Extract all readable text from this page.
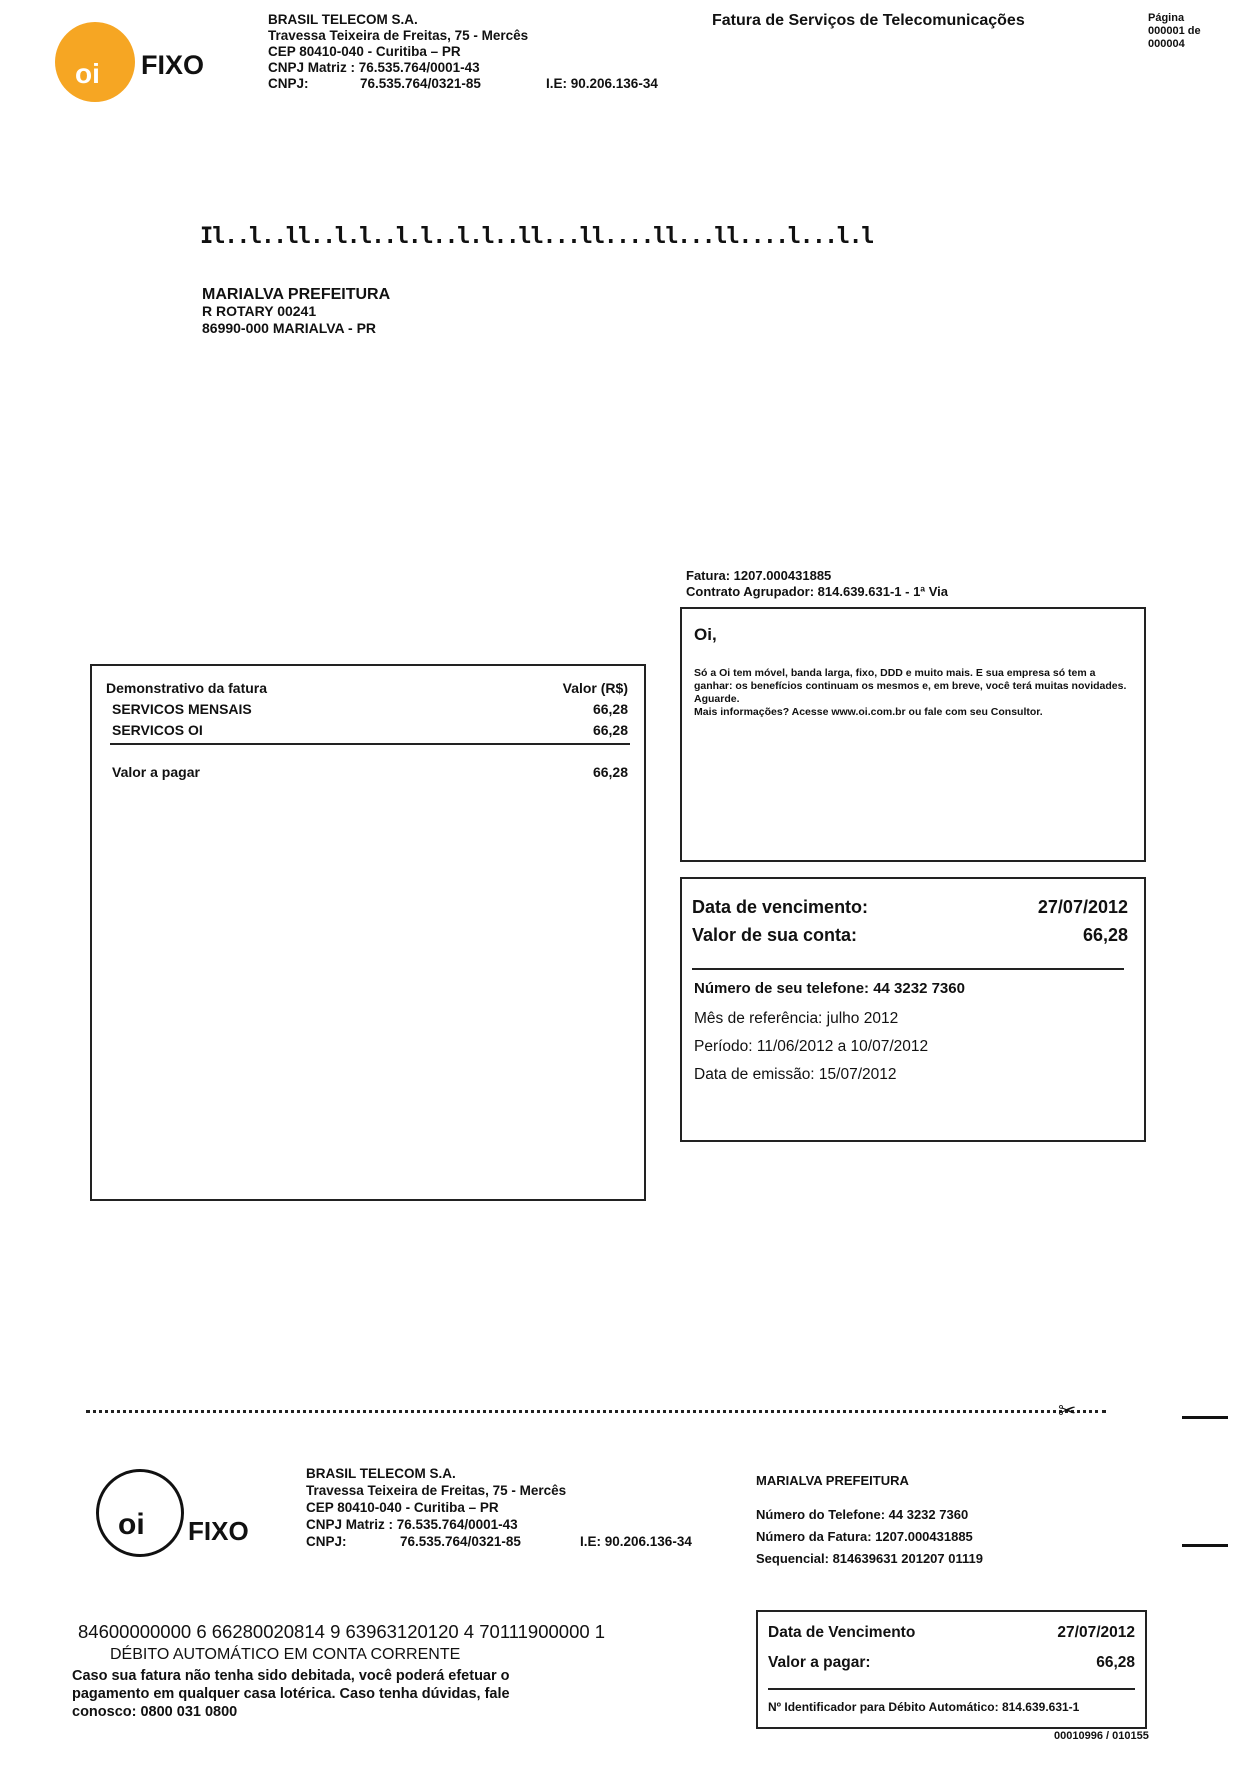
oi FIXO
BRASIL TELECOM S.A.
Travessa Teixeira de Freitas, 75 - Mercês
CEP 80410-040 - Curitiba – PR
CNPJ Matriz : 76.535.764/0001-43
CNPJ:	76.535.764/0321-85	I.E: 90.206.136-34
Fatura de Serviços de Telecomunicações	Página
000001 de
000004
Il..l..ll..l.l..l.l..l.l..ll...ll....ll...ll....l...l.l
MARIALVA PREFEITURA
R ROTARY 00241
86990-000 MARIALVA - PR
Fatura: 1207.000431885
Contrato Agrupador: 814.639.631-1 - 1ª Via
Demonstrativo da fatura	Valor (R$)
SERVICOS MENSAIS	66,28
SERVICOS OI	66,28
Valor a pagar	66,28
Oi,
Só a Oi tem móvel, banda larga, fixo, DDD e muito mais. E sua empresa só tem a ganhar: os benefícios continuam os mesmos e, em breve, você terá muitas novidades. Aguarde.
Mais informações? Acesse www.oi.com.br ou fale com seu Consultor.
Data de vencimento:	27/07/2012
Valor de sua conta:	66,28
Número de seu telefone: 44 3232 7360
Mês de referência: julho 2012
Período: 11/06/2012 a 10/07/2012
Data de emissão: 15/07/2012
✂
oi FIXO
BRASIL TELECOM S.A.
Travessa Teixeira de Freitas, 75 - Mercês
CEP 80410-040 - Curitiba – PR
CNPJ Matriz : 76.535.764/0001-43
CNPJ:	76.535.764/0321-85	I.E: 90.206.136-34
MARIALVA PREFEITURA
Número do Telefone: 44 3232 7360
Número da Fatura: 1207.000431885
Sequencial: 814639631 201207 01119
84600000000 6 66280020814 9 63963120120 4 70111900000 1
DÉBITO AUTOMÁTICO EM CONTA CORRENTE
Caso sua fatura não tenha sido debitada, você poderá efetuar o pagamento em qualquer casa lotérica. Caso tenha dúvidas, fale conosco: 0800 031 0800
Data de Vencimento	27/07/2012
Valor a pagar:	66,28
Nº Identificador para Débito Automático: 814.639.631-1
00010996 / 010155
